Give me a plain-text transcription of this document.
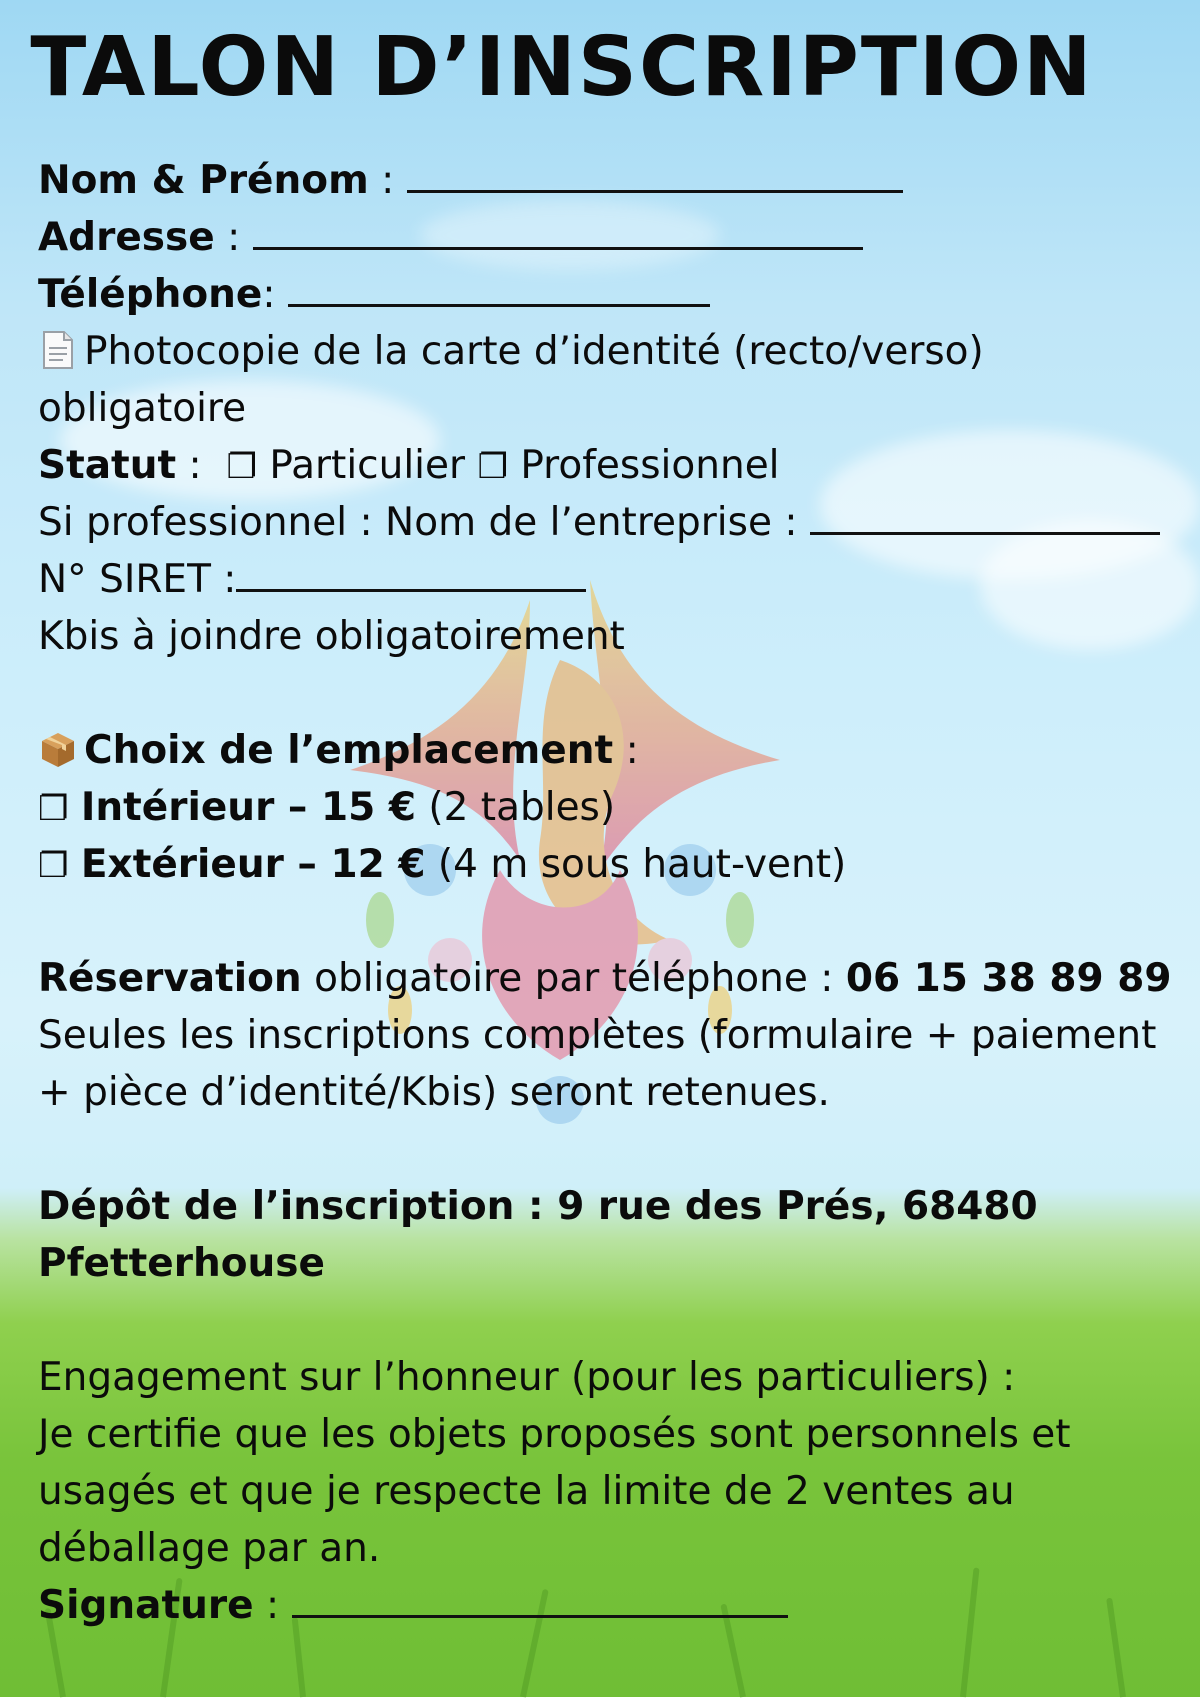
TALON D’INSCRIPTION
Nom & Prénom :
Adresse :
Téléphone:
Photocopie de la carte d’identité (recto/verso)
obligatoire
Statut :  ❐ Particulier ❐ Professionnel
Si professionnel : Nom de l’entreprise :
N° SIRET :
Kbis à joindre obligatoirement
Choix de l’emplacement :
❐ Intérieur – 15 € (2 tables)
❐ Extérieur – 12 € (4 m sous haut-vent)
Réservation obligatoire par téléphone : 06 15 38 89 89
Seules les inscriptions complètes (formulaire + paiement
+ pièce d’identité/Kbis) seront retenues.
Dépôt de l’inscription : 9 rue des Prés, 68480
Pfetterhouse
Engagement sur l’honneur (pour les particuliers) :
Je certifie que les objets proposés sont personnels et
usagés et que je respecte la limite de 2 ventes au
déballage par an.
Signature :
